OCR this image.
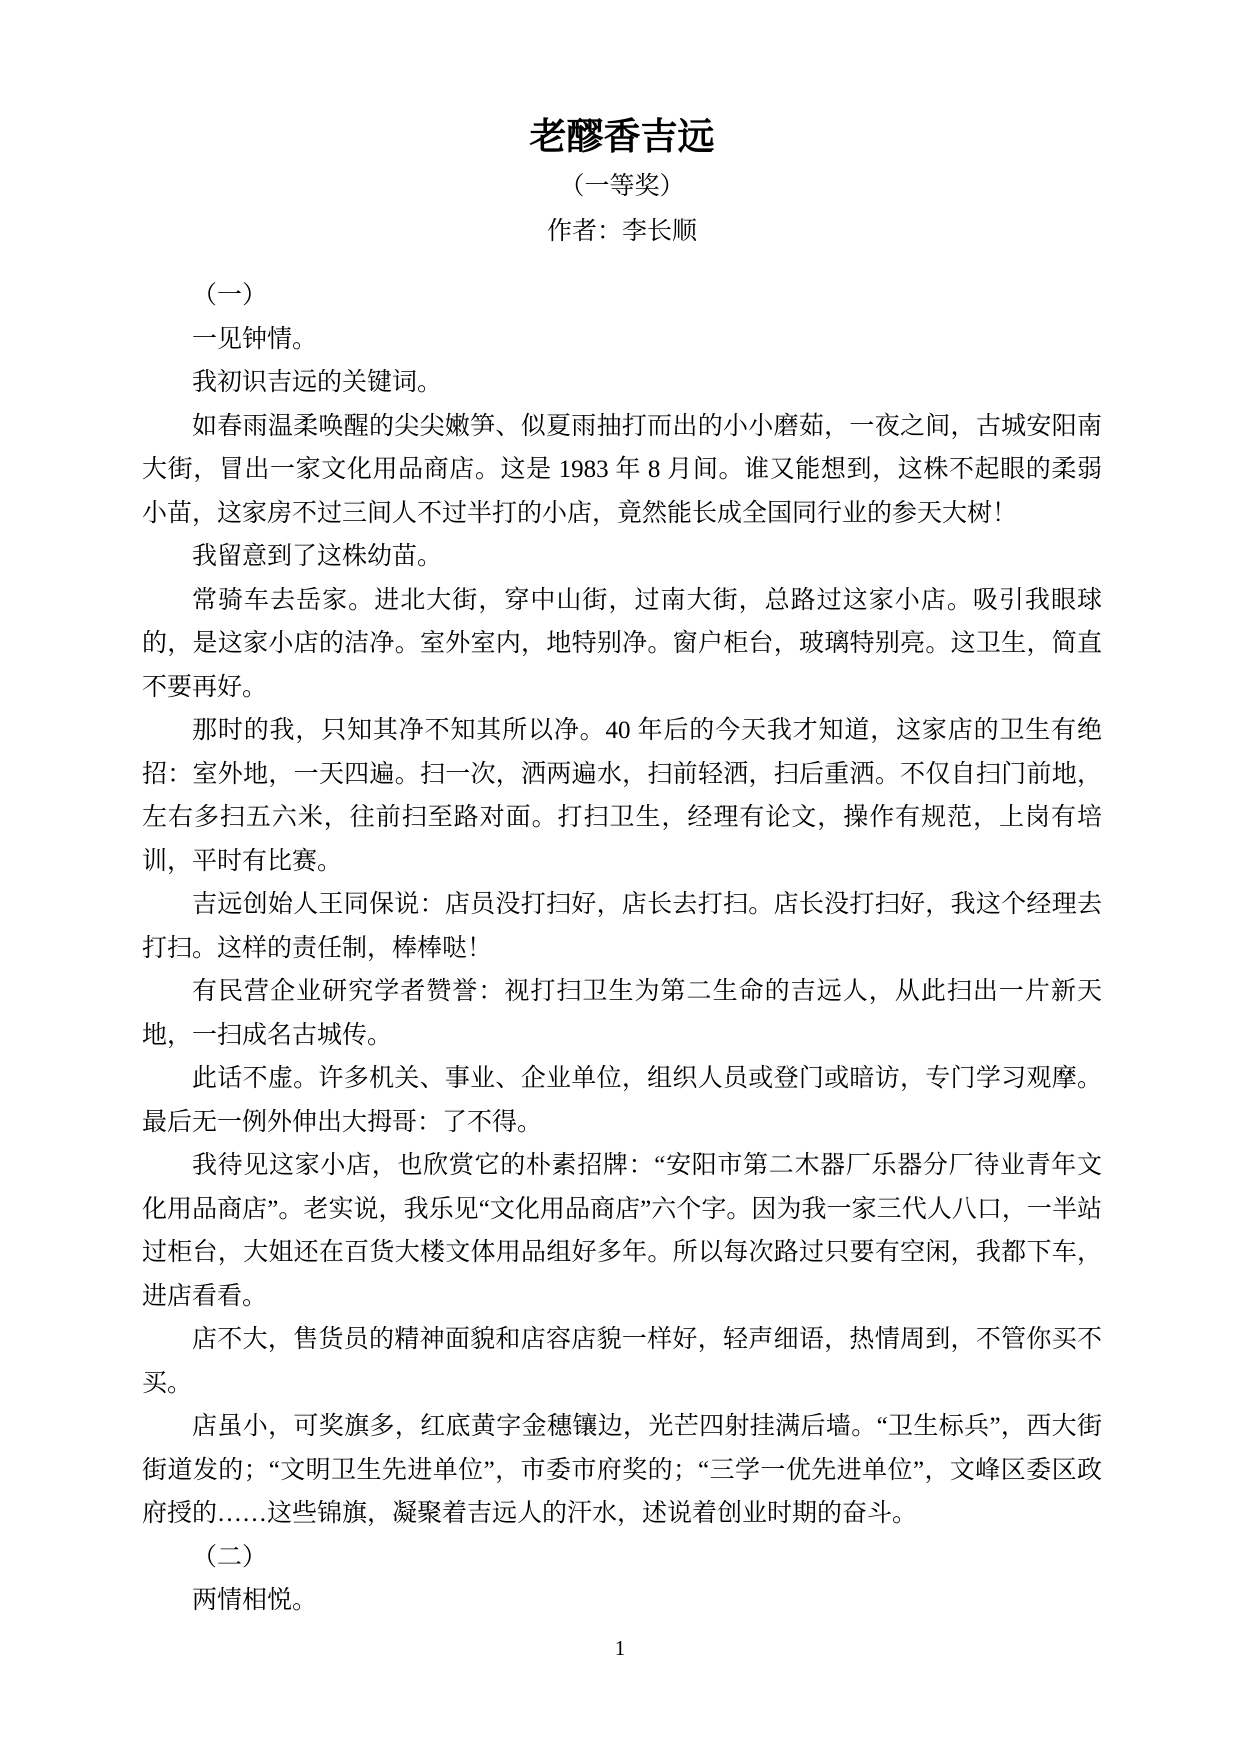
老醪香吉远

（一等奖）

作者：李长顺

（一）

一见钟情。

我初识吉远的关键词。

如春雨温柔唤醒的尖尖嫩笋、似夏雨抽打而出的小小磨茹，一夜之间，古城安阳南大街，冒出一家文化用品商店。这是 1983 年 8 月间。谁又能想到，这株不起眼的柔弱小苗，这家房不过三间人不过半打的小店，竟然能长成全国同行业的参天大树！

我留意到了这株幼苗。

常骑车去岳家。进北大街，穿中山街，过南大街，总路过这家小店。吸引我眼球的，是这家小店的洁净。室外室内，地特别净。窗户柜台，玻璃特别亮。这卫生，简直不要再好。

那时的我，只知其净不知其所以净。40 年后的今天我才知道，这家店的卫生有绝招：室外地，一天四遍。扫一次，洒两遍水，扫前轻洒，扫后重洒。不仅自扫门前地，左右多扫五六米，往前扫至路对面。打扫卫生，经理有论文，操作有规范，上岗有培训，平时有比赛。

吉远创始人王同保说：店员没打扫好，店长去打扫。店长没打扫好，我这个经理去打扫。这样的责任制，棒棒哒！

有民营企业研究学者赞誉：视打扫卫生为第二生命的吉远人，从此扫出一片新天地，一扫成名古城传。

此话不虚。许多机关、事业、企业单位，组织人员或登门或暗访，专门学习观摩。最后无一例外伸出大拇哥：了不得。

我待见这家小店，也欣赏它的朴素招牌：“安阳市第二木器厂乐器分厂待业青年文化用品商店”。老实说，我乐见“文化用品商店”六个字。因为我一家三代人八口，一半站过柜台，大姐还在百货大楼文体用品组好多年。所以每次路过只要有空闲，我都下车，进店看看。

店不大，售货员的精神面貌和店容店貌一样好，轻声细语，热情周到，不管你买不买。

店虽小，可奖旗多，红底黄字金穗镶边，光芒四射挂满后墙。“卫生标兵”，西大街街道发的；“文明卫生先进单位”，市委市府奖的；“三学一优先进单位”，文峰区委区政府授的……这些锦旗，凝聚着吉远人的汗水，述说着创业时期的奋斗。

（二）

两情相悦。

1
